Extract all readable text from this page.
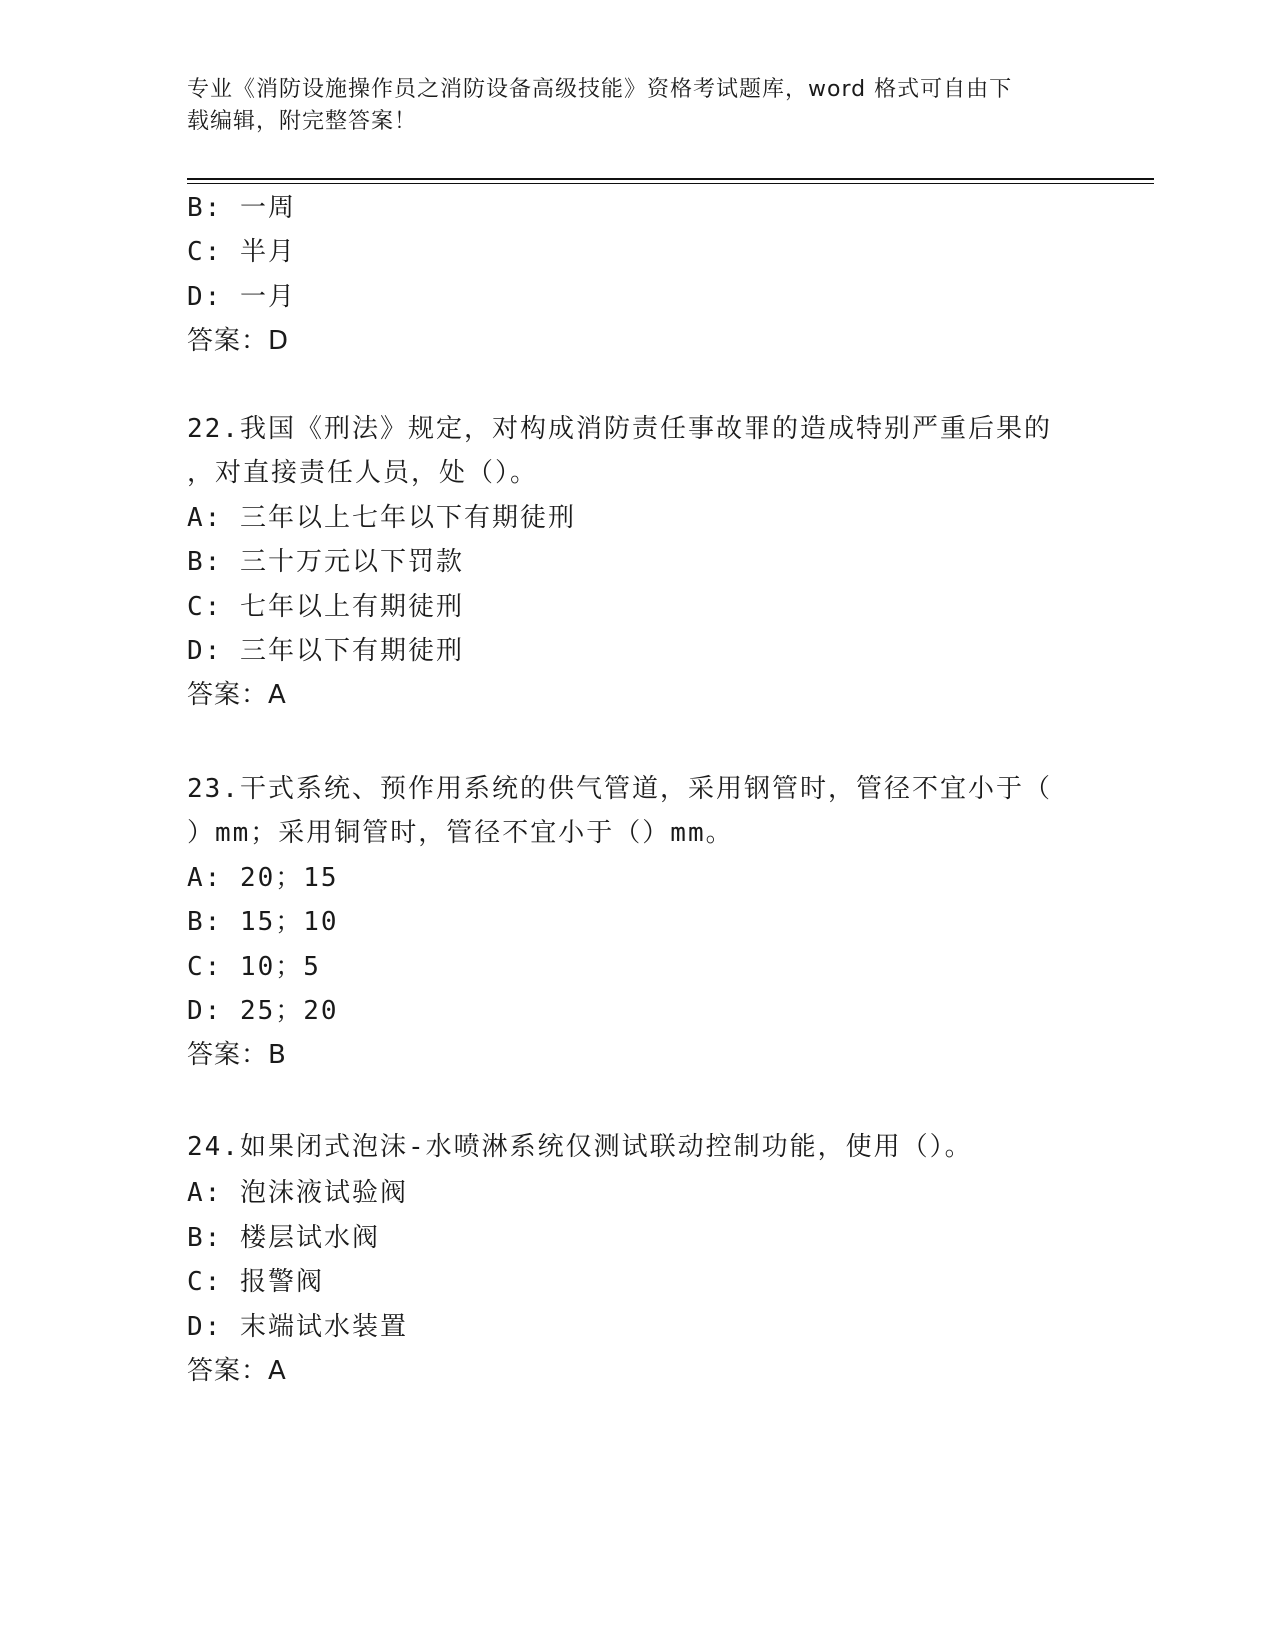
专业《消防设施操作员之消防设备高级技能》资格考试题库，word 格式可自由下
载编辑，附完整答案！
B: 一周
C: 半月
D: 一月
答案：D
22.我国《刑法》规定，对构成消防责任事故罪的造成特别严重后果的
，对直接责任人员，处（）。
A: 三年以上七年以下有期徒刑
B: 三十万元以下罚款
C: 七年以上有期徒刑
D: 三年以下有期徒刑
答案：A
23.干式系统、预作用系统的供气管道，采用钢管时，管径不宜小于（
）mm；采用铜管时，管径不宜小于（）mm。
A: 20；15
B: 15；10
C: 10；5
D: 25；20
答案：B
24.如果闭式泡沫-水喷淋系统仅测试联动控制功能，使用（）。
A: 泡沫液试验阀
B: 楼层试水阀
C: 报警阀
D: 末端试水装置
答案：A
